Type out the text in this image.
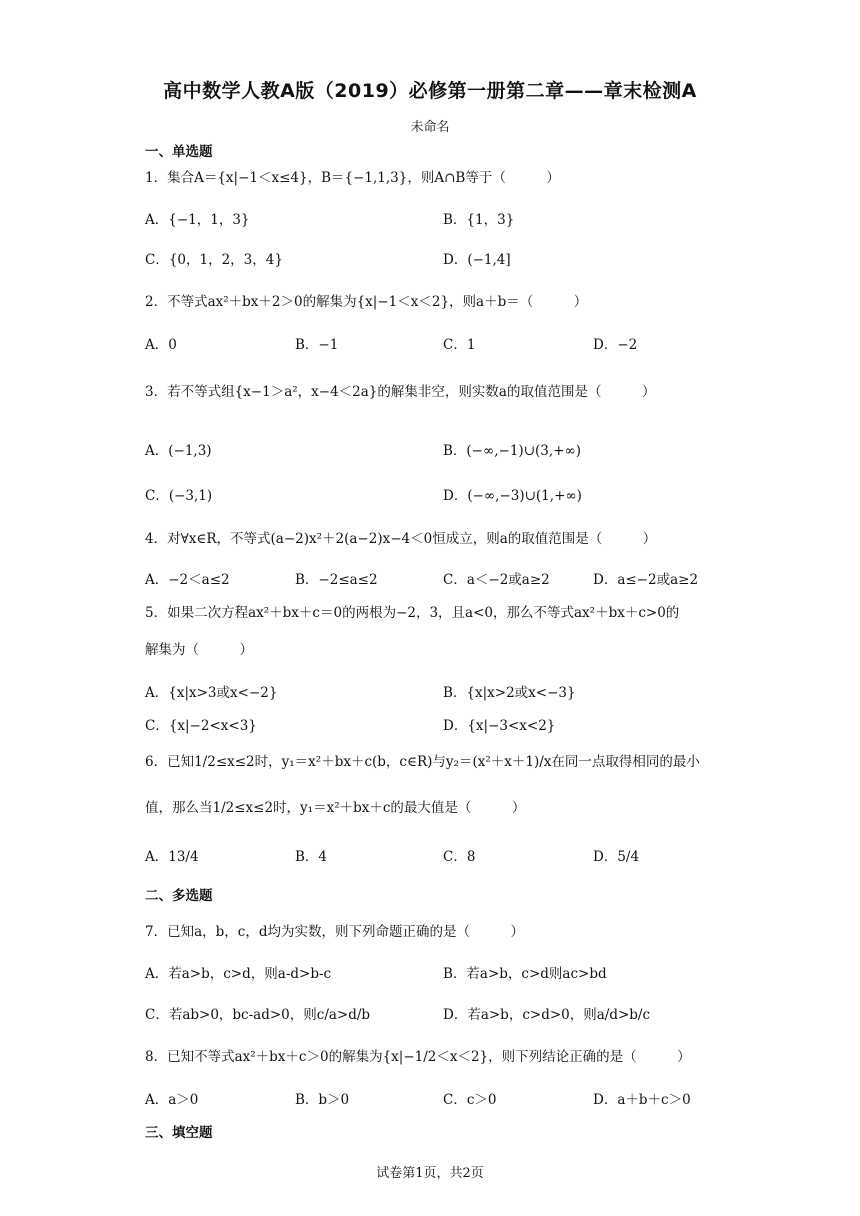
高中数学人教A版（2019）必修第一册第二章——章末检测A
未命名
一、单选题
1．集合A＝{x|−1＜x≤4}，B＝{−1,1,3}，则A∩B等于（　　　）
A．{−1，1，3}	B．{1，3}
C．{0，1，2，3，4}	D．(−1,4]
2．不等式ax²＋bx＋2＞0的解集为{x|−1＜x＜2}，则a＋b＝（　　　）
A．0	B．−1	C．1	D．−2
3．若不等式组{x−1＞a²，x−4＜2a}的解集非空，则实数a的取值范围是（　　　）
A．(−1,3)	B．(−∞,−1)∪(3,+∞)
C．(−3,1)	D．(−∞,−3)∪(1,+∞)
4．对∀x∈R，不等式(a−2)x²＋2(a−2)x−4＜0恒成立，则a的取值范围是（　　　）
A．−2＜a≤2	B．−2≤a≤2	C．a＜−2或a≥2	D．a≤−2或a≥2
5．如果二次方程ax²＋bx＋c＝0的两根为−2，3，且a<0，那么不等式ax²＋bx＋c>0的
解集为（　　　）
A．{x|x>3或x<−2}	B．{x|x>2或x<−3}
C．{x|−2<x<3}	D．{x|−3<x<2}
6．已知1/2≤x≤2时，y₁＝x²＋bx＋c(b，c∈R)与y₂＝(x²＋x＋1)/x在同一点取得相同的最小
值，那么当1/2≤x≤2时，y₁＝x²＋bx＋c的最大值是（　　　）
A．13/4	B．4	C．8	D．5/4
二、多选题
7．已知a，b，c，d均为实数，则下列命题正确的是（　　　）
A．若a>b，c>d，则a-d>b-c	B．若a>b，c>d则ac>bd
C．若ab>0，bc-ad>0，则c/a>d/b	D．若a>b，c>d>0，则a/d>b/c
8．已知不等式ax²＋bx＋c＞0的解集为{x|−1/2＜x＜2}，则下列结论正确的是（　　　）
A．a＞0	B．b＞0	C．c＞0	D．a＋b＋c＞0
三、填空题
试卷第1页，共2页
